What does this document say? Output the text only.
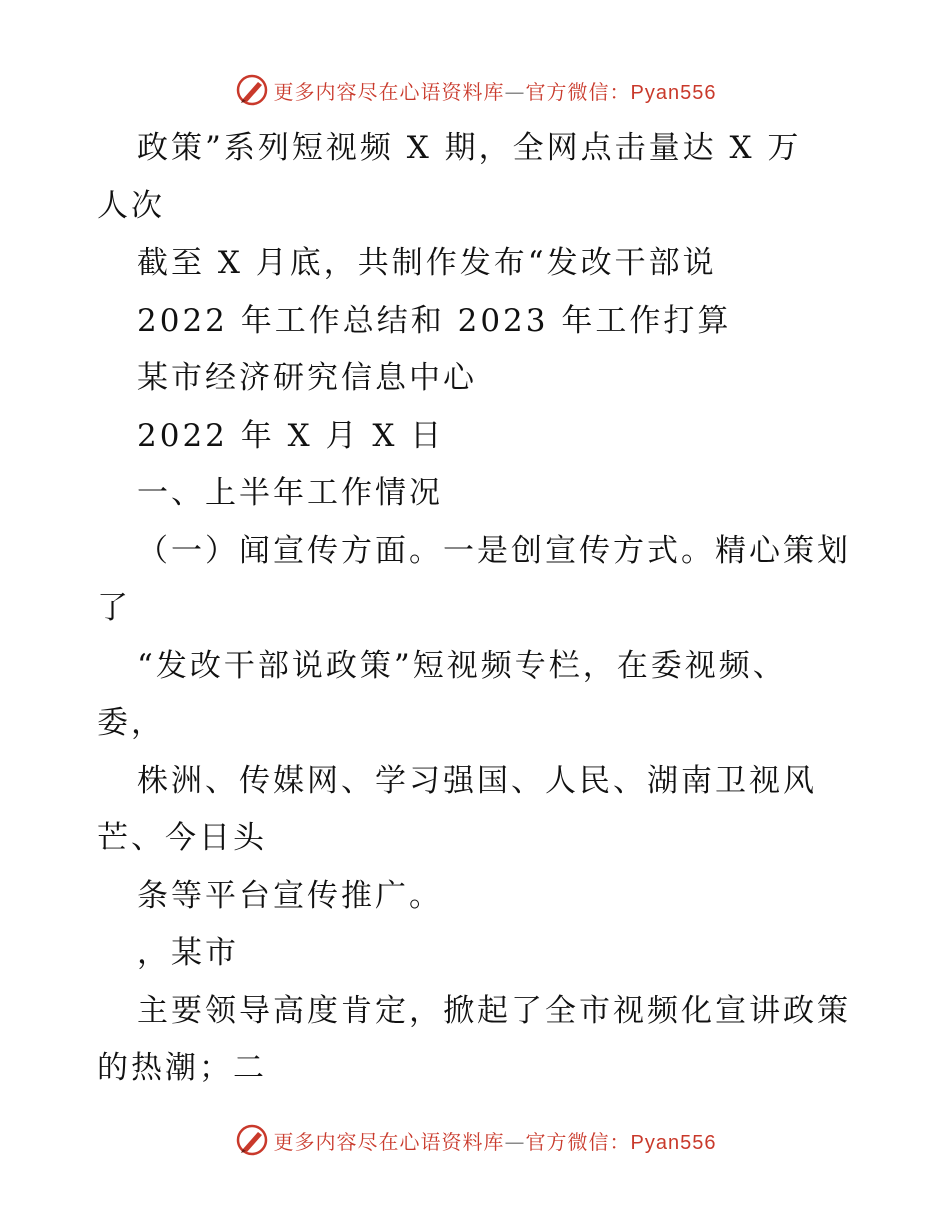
更多内容尽在心语资料库—官方微信：Pyan556
政策”系列短视频 X 期，全网点击量达 X 万
人次
截至 X 月底，共制作发布“发改干部说
2022 年工作总结和 2023 年工作打算
某市经济研究信息中心
2022 年 X 月 X 日
一、上半年工作情况
（一）闻宣传方面。一是创宣传方式。精心策划
了
“发改干部说政策”短视频专栏，在委视频、
委，
株洲、传媒网、学习强国、人民、湖南卫视风
芒、今日头
条等平台宣传推广。
，某市
主要领导高度肯定，掀起了全市视频化宣讲政策
的热潮；二
更多内容尽在心语资料库—官方微信：Pyan556
